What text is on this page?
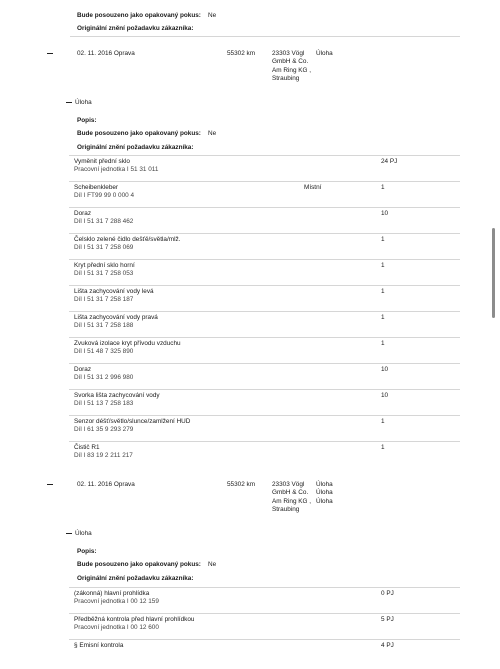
Bude posouzeno jako opakovaný pokus: Ne
Originální znění požadavku zákazníka:
02. 11. 2016 Oprava	55302 km	23303 Vögl
GmbH & Co.
Am Ring KG ,
Straubing
Úloha
Úloha
Popis:
Bude posouzeno jako opakovaný pokus: Ne
Originální znění požadavku zákazníka:
Vyměnit přední sklo
Pracovní jednotka I 51 31 011
24 PJ
Scheibenkleber
Díl I FT99 99 0 000 4
Místní	1
Doraz
Díl I 51 31 7 288 462
10
Čelsklo zelené čidlo dešťě/světla/mlž.
Díl I 51 31 7 258 069
1
Kryt přední sklo horní
Díl I 51 31 7 258 053
1
Lišta zachycování vody levá
Díl I 51 31 7 258 187
1
Lišta zachycování vody pravá
Díl I 51 31 7 258 188
1
Zvuková izolace kryt přívodu vzduchu
Díl I 51 48 7 325 890
1
Doraz
Díl I 51 31 2 996 980
10
Svorka lišta zachycování vody
Díl I 51 13 7 258 183
10
Senzor déšť/světlo/slunce/zamlžení HUD
Díl I 61 35 9 293 279
1
Čistič R1
Díl I 83 19 2 211 217
1
02. 11. 2016 Oprava	55302 km	23303 Vögl
GmbH & Co.
Am Ring KG ,
Straubing
Úloha
Úloha
Úloha
Úloha
Popis:
Bude posouzeno jako opakovaný pokus: Ne
Originální znění požadavku zákazníka:
(zákonná) hlavní prohlídka
Pracovní jednotka I 00 12 159
0 PJ
Předběžná kontrola před hlavní prohlídkou
Pracovní jednotka I 00 12 600
5 PJ
§ Emisní kontrola	4 PJ
